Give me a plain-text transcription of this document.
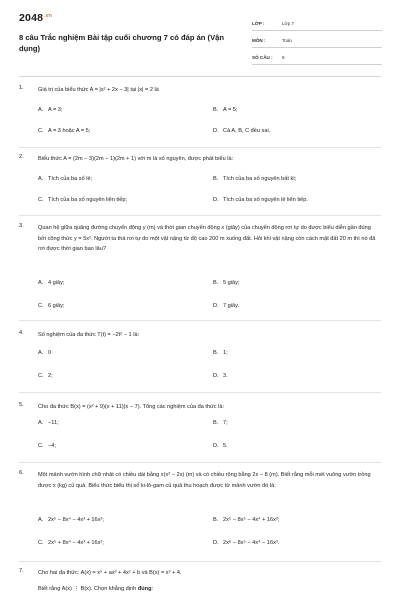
$2048^{.vn}$
8 câu Trắc nghiệm Bài tập cuối chương 7 có đáp án (Vận dụng)
LỚP :	Lớp 7
MÔN :	Toán
SỐ CÂU :	8
1.	Giá trị của biểu thức A = |x² + 2x − 3| tại |x| = 2 là
A. A = 3;	B. A = 5;
C. A = 3 hoặc A = 5;	D. Cả A, B, C đều sai.
2.	Biểu thức A = (2m − 3)(2m − 1)(2m + 1) với m là số nguyên, được phát biểu là:
A. Tích của ba số lẻ;	B. Tích của ba số nguyên bất kì;
C. Tích của ba số nguyên liên tiếp;	D. Tích của ba số nguyên lẻ liên tiếp.
3.	Quan hệ giữa quãng đường chuyển động y (m) và thời gian chuyển động x (giây) của chuyển động rơi tự do được biểu diễn gần đúng bởi công thức y = 5x². Người ta thả rơi tự do một vật nặng từ độ cao 200 m xuống đất. Hỏi khi vật nặng còn cách mặt đất 20 m thì nó đã rơi được thời gian bao lâu?
A. 4 giây;	B. 5 giây;
C. 6 giây;	D. 7 giây.
4.	Số nghiệm của đa thức T(t) = −2t² − 1 là:
A. 0	B. 1;
C. 2;	D. 3.
5.	Cho đa thức B(x) = (x² + 9)(x + 11)(x − 7). Tổng các nghiệm của đa thức là:
A. −11;	B. 7;
C. −4;	D. 5.
6.	Một mảnh vườn hình chữ nhật có chiều dài bằng x(x³ − 2x) (m) và có chiều rộng bằng 2x − 8 (m). Biết rằng mỗi mét vuông vườn trồng được x (kg) củ quả. Biểu thức biểu thị số ki-lô-gam củ quả thu hoạch được từ mảnh vườn đó là:
A. 2x⁵ − 8x⁴ − 4x³ + 16x²;	B. 2x⁵ − 8x⁵ − 4x⁴ + 16x³;
C. 2x⁵ + 8x⁴ − 4x³ + 16x²;	D. 2x⁶ − 8x⁵ − 4x⁴ − 16x³.
7.	Cho hai đa thức: A(x) = x⁵ + ax³ + 4x² + b và B(x) = x³ + 4.
Biết rằng A(x) ⋮ B(x). Chọn khẳng định đúng:
